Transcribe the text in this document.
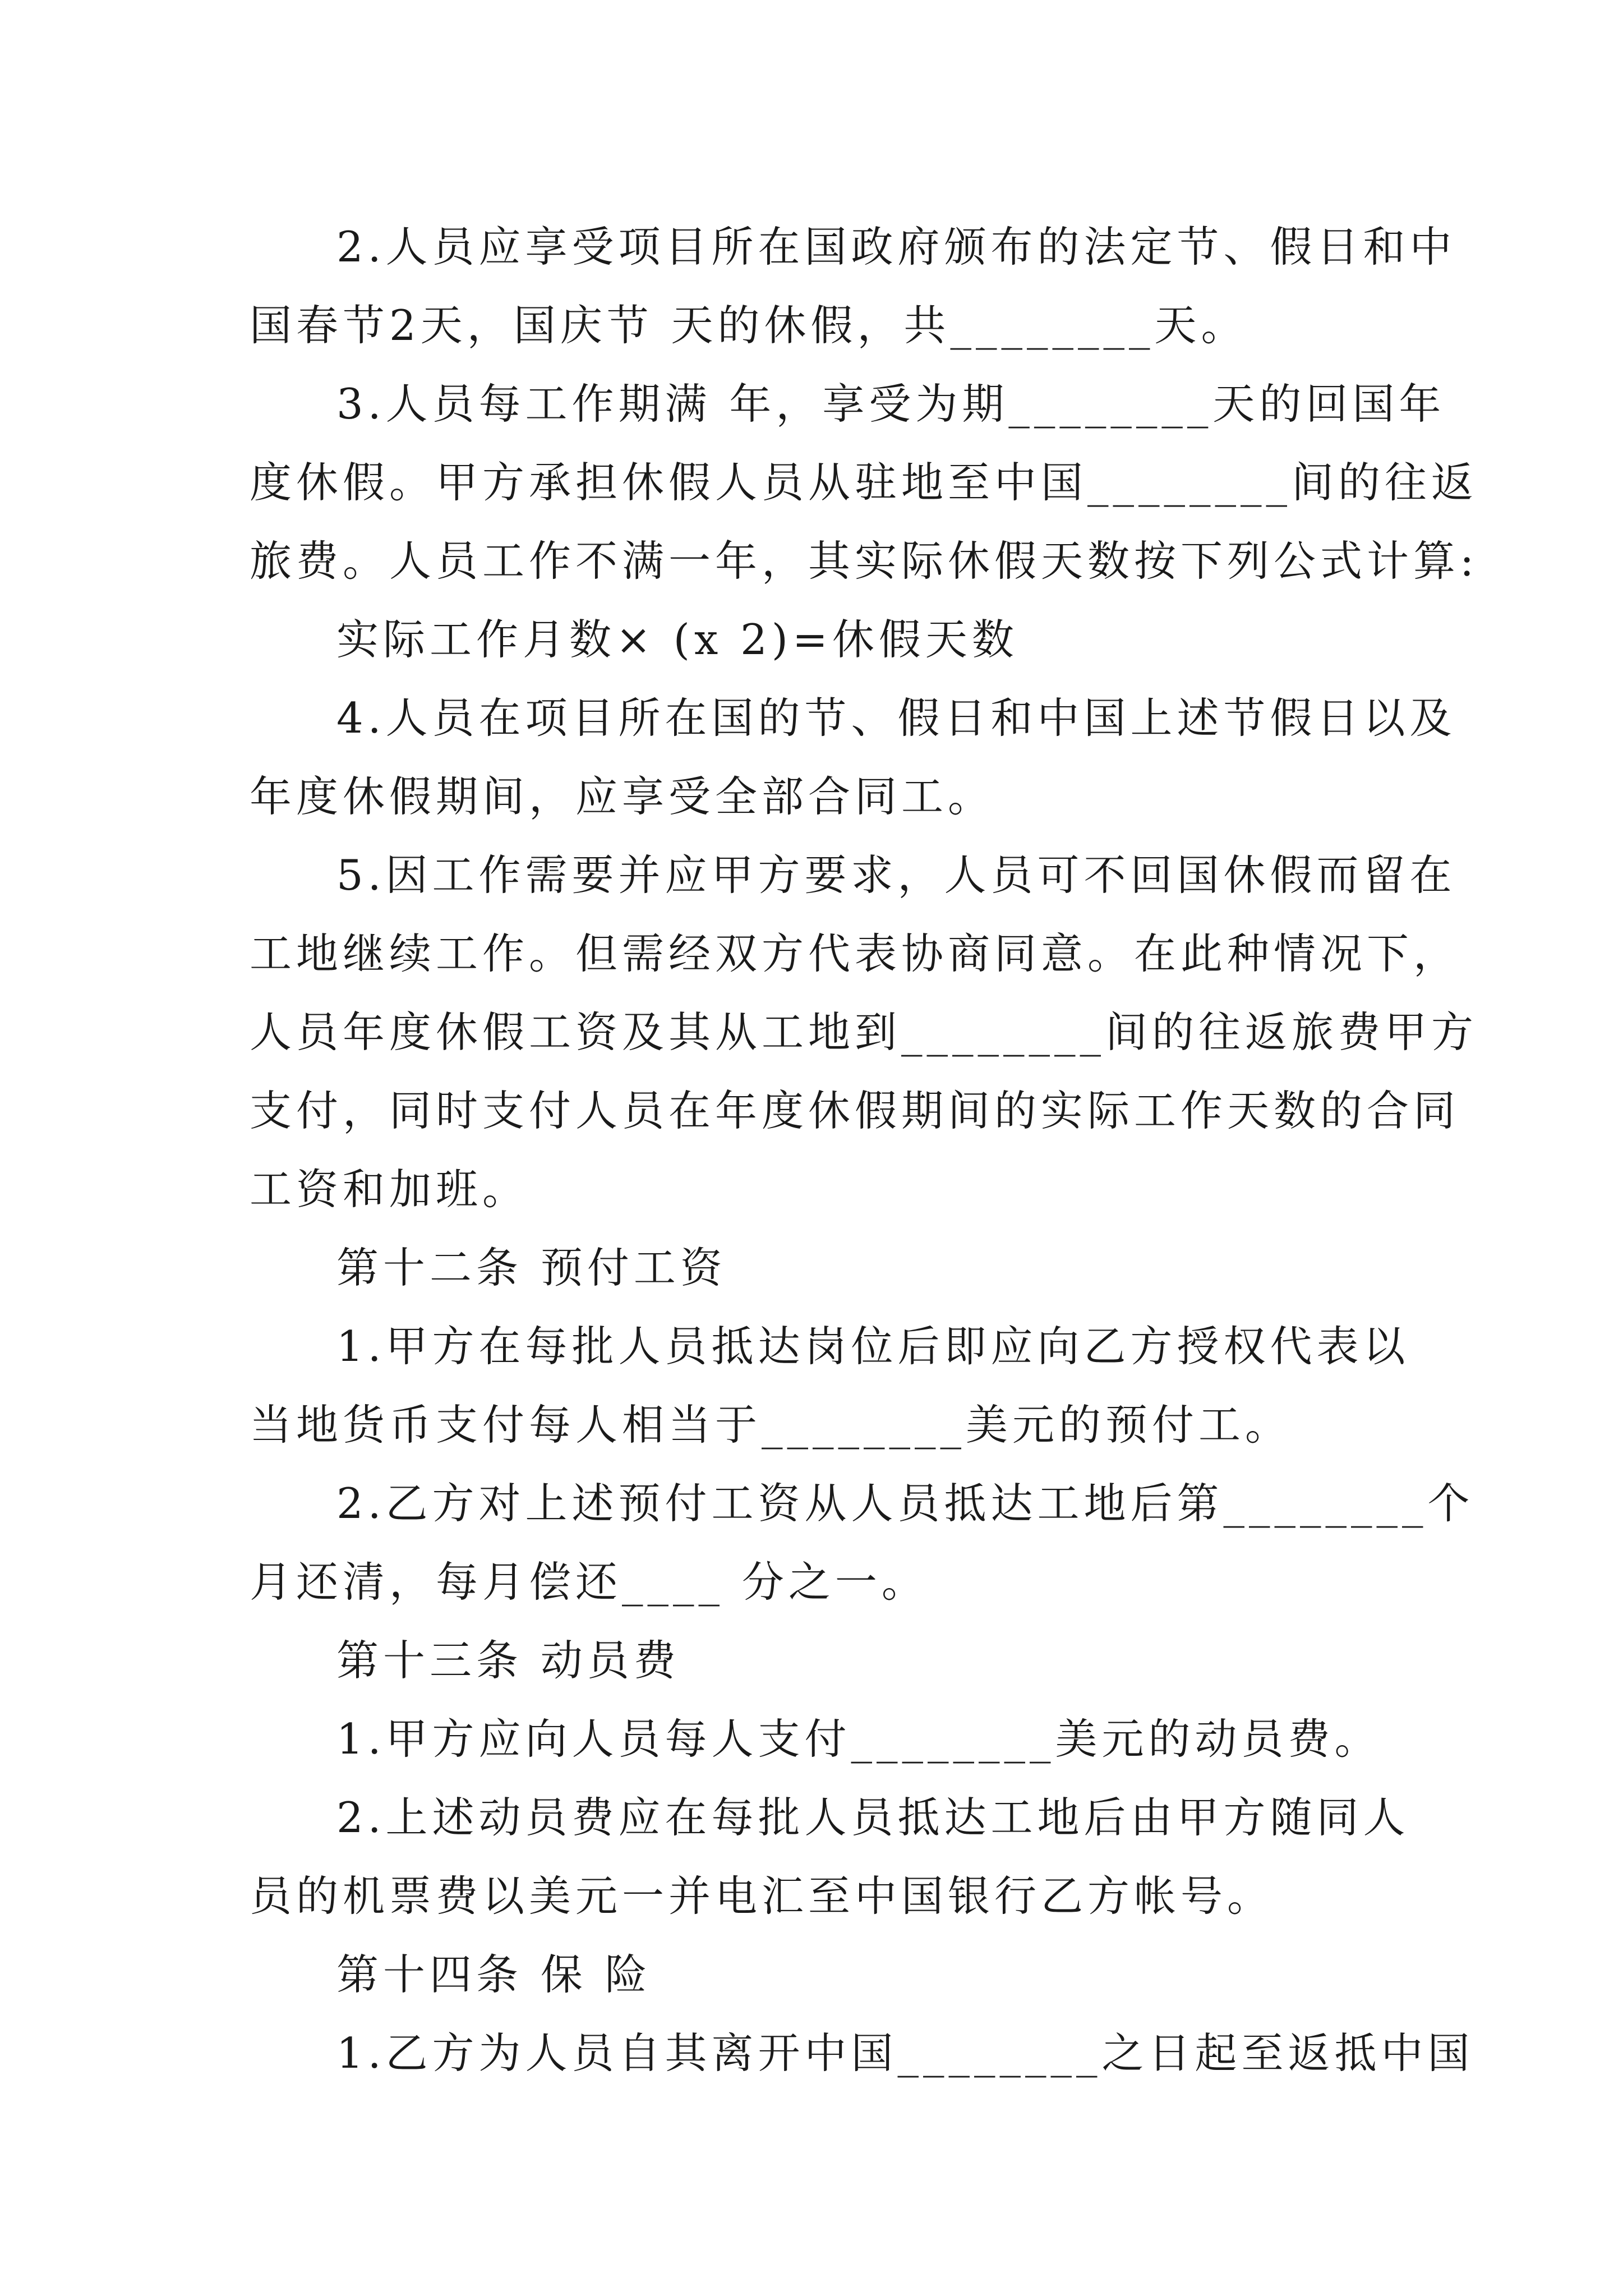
2.人员应享受项目所在国政府颁布的法定节、假日和中
国春节2天，国庆节 天的休假，共________天。
3.人员每工作期满 年，享受为期________天的回国年
度休假。甲方承担休假人员从驻地至中国________间的往返
旅费。人员工作不满一年，其实际休假天数按下列公式计算:
实际工作月数× (x 2)=休假天数
4.人员在项目所在国的节、假日和中国上述节假日以及
年度休假期间，应享受全部合同工。
5.因工作需要并应甲方要求，人员可不回国休假而留在
工地继续工作。但需经双方代表协商同意。在此种情况下，
人员年度休假工资及其从工地到________间的往返旅费甲方
支付，同时支付人员在年度休假期间的实际工作天数的合同
工资和加班。
第十二条 预付工资
1.甲方在每批人员抵达岗位后即应向乙方授权代表以
当地货币支付每人相当于________美元的预付工。
2.乙方对上述预付工资从人员抵达工地后第________个
月还清，每月偿还____ 分之一。
第十三条 动员费
1.甲方应向人员每人支付________美元的动员费。
2.上述动员费应在每批人员抵达工地后由甲方随同人
员的机票费以美元一并电汇至中国银行乙方帐号。
第十四条 保 险
1.乙方为人员自其离开中国________之日起至返抵中国
